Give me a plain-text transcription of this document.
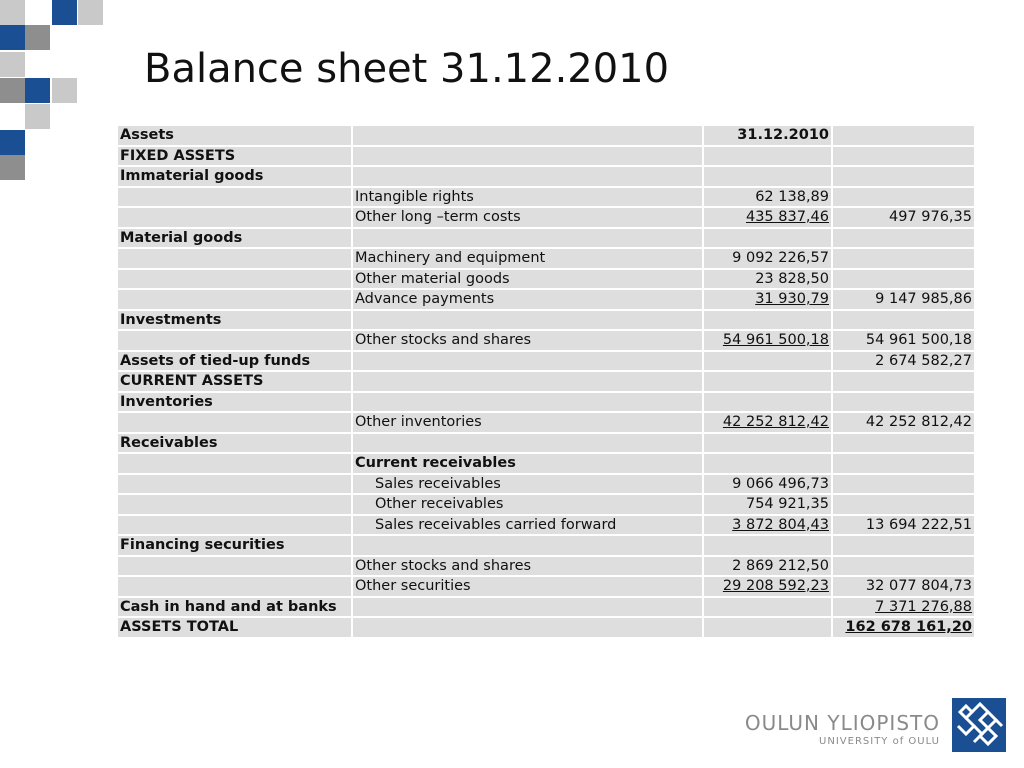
Balance sheet 31.12.2010
Assets		31.12.2010	
FIXED ASSETS			
Immaterial goods			
	Intangible rights	62 138,89	
	Other long –term costs	435 837,46	497 976,35
Material goods			
	Machinery and equipment	9 092 226,57	
	Other material goods	23 828,50	
	Advance payments	31 930,79	9 147 985,86
Investments			
	Other stocks and shares	54 961 500,18	54 961 500,18
Assets of tied-up funds			2 674 582,27
CURRENT ASSETS			
Inventories			
	Other inventories	42 252 812,42	42 252 812,42
Receivables			
	Current receivables		
	Sales receivables	9 066 496,73	
	Other receivables	754 921,35	
	Sales receivables carried forward	3 872 804,43	13 694 222,51
Financing securities			
	Other stocks and shares	2 869 212,50	
	Other securities	29 208 592,23	32 077 804,73
Cash in hand and at banks			7 371 276,88
ASSETS TOTAL			162 678 161,20
OULUN YLIOPISTO
UNIVERSITY of OULU
